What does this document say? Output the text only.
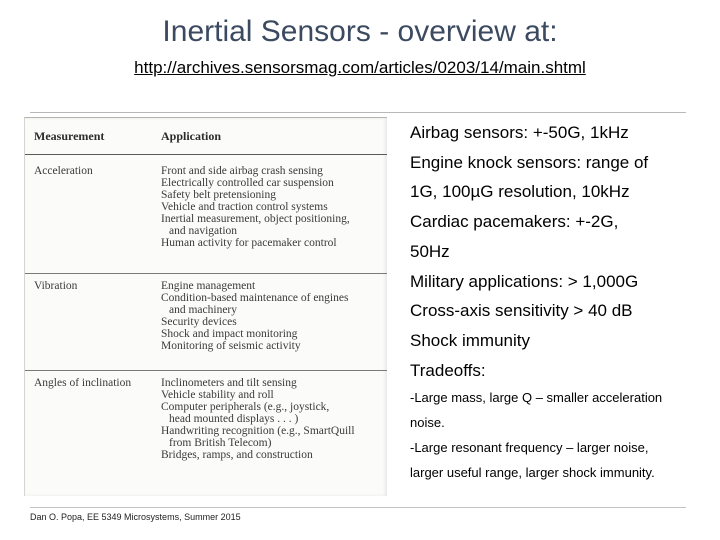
Inertial Sensors - overview at:
http://archives.sensorsmag.com/articles/0203/14/main.shtml
Measurement	Application
Acceleration	Front and side airbag crash sensing
Electrically controlled car suspension
Safety belt pretensioning
Vehicle and traction control systems
Inertial measurement, object positioning,
and navigation
Human activity for pacemaker control
Vibration	Engine management
Condition-based maintenance of engines
and machinery
Security devices
Shock and impact monitoring
Monitoring of seismic activity
Angles of inclination	Inclinometers and tilt sensing
Vehicle stability and roll
Computer peripherals (e.g., joystick,
head mounted displays . . . )
Handwriting recognition (e.g., SmartQuill
from British Telecom)
Bridges, ramps, and construction
Airbag sensors: +-50G, 1kHz
Engine knock sensors: range of
1G, 100µG resolution, 10kHz
Cardiac pacemakers: +-2G,
50Hz
Military applications: > 1,000G
Cross-axis sensitivity > 40 dB
Shock immunity
Tradeoffs:
-Large mass, large Q – smaller acceleration
noise.
-Large resonant frequency – larger noise,
larger useful range, larger shock immunity.
Dan O. Popa, EE 5349 Microsystems, Summer 2015
